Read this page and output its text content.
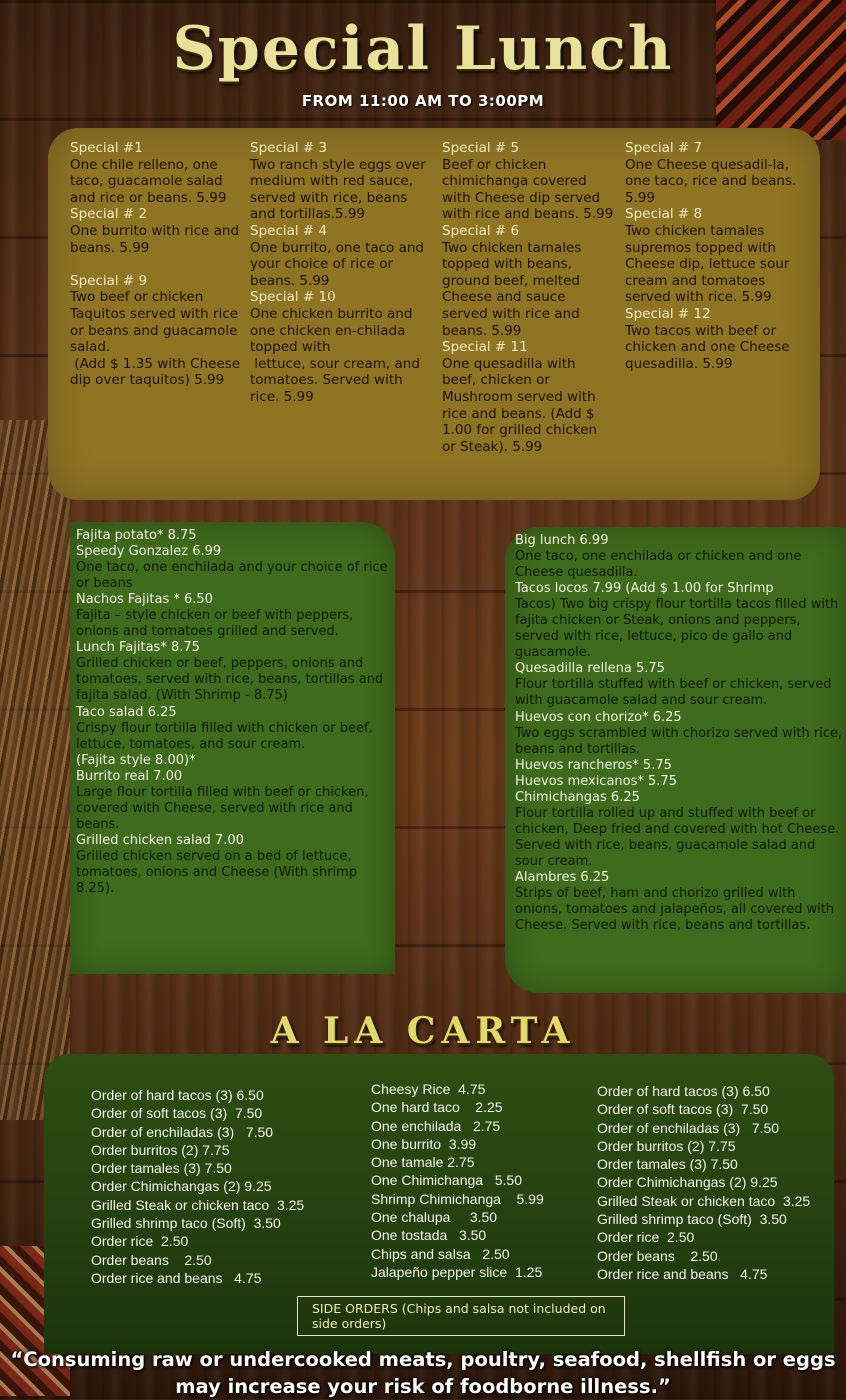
Special Lunch
FROM 11:00 AM TO 3:00PM
Special #1
One chile relleno, one taco, guacamole salad and rice or beans. 5.99
Special # 2
One burrito with rice and beans. 5.99
Special # 9
Two beef or chicken Taquitos served with rice or beans and guacamole salad.
(Add $ 1.35 with Cheese dip over taquitos) 5.99
Special # 3
Two ranch style eggs over medium with red sauce, served with rice, beans and tortillas.5.99
Special # 4
One burrito, one taco and your choice of rice or beans. 5.99
Special # 10
One chicken burrito and one chicken en-chilada topped with
lettuce, sour cream, and tomatoes. Served with rice. 5.99
Special # 5
Beef or chicken chimichanga covered with Cheese dip served with rice and beans. 5.99
Special # 6
Two chicken tamales topped with beans, ground beef, melted Cheese and sauce served with rice and beans. 5.99
Special # 11
One quesadilla with beef, chicken or Mushroom served with rice and beans. (Add $ 1.00 for grilled chicken or Steak). 5.99
Special # 7
One Cheese quesadil-la, one taco, rice and beans. 5.99
Special # 8
Two chicken tamales supremos topped with Cheese dip, lettuce sour cream and tomatoes served with rice. 5.99
Special # 12
Two tacos with beef or chicken and one Cheese quesadilla. 5.99
Fajita potato* 8.75
Speedy Gonzalez 6.99
One taco, one enchilada and your choice of rice or beans
Nachos Fajitas * 6.50
Fajita – style chicken or beef with peppers, onions and tomatoes grilled and served.
Lunch Fajitas* 8.75
Grilled chicken or beef, peppers, onions and tomatoes, served with rice, beans, tortillas and fajita salad. (With Shrimp - 8.75)
Taco salad 6.25
Crispy flour tortilla filled with chicken or beef, lettuce, tomatoes, and sour cream.
(Fajita style 8.00)*
Burrito real 7.00
Large flour tortilla filled with beef or chicken, covered with Cheese, served with rice and beans.
Grilled chicken salad 7.00
Grilled chicken served on a bed of lettuce, tomatoes, onions and Cheese (With shrimp 8.25).
Big lunch 6.99
One taco, one enchilada or chicken and one Cheese quesadilla.
Tacos locos 7.99 (Add $ 1.00 for Shrimp
Tacos) Two big crispy flour tortilla tacos filled with fajita chicken or Steak, onions and peppers, served with rice, lettuce, pico de gallo and guacamole.
Quesadilla rellena 5.75
Flour tortilla stuffed with beef or chicken, served with guacamole salad and sour cream.
Huevos con chorizo* 6.25
Two eggs scrambled with chorizo served with rice, beans and tortillas.
Huevos rancheros* 5.75
Huevos mexicanos* 5.75
Chimichangas 6.25
Flour tortilla rolled up and stuffed with beef or chicken, Deep fried and covered with hot Cheese. Served with rice, beans, guacamole salad and sour cream.
Alambres 6.25
Strips of beef, ham and chorizo grilled with onions, tomatoes and jalapeños, all covered with Cheese. Served with rice, beans and tortillas.
A LA CARTA
Order of hard tacos (3) 6.50
Order of soft tacos (3)  7.50
Order of enchiladas (3)   7.50
Order burritos (2) 7.75
Order tamales (3) 7.50
Order Chimichangas (2) 9.25
Grilled Steak or chicken taco  3.25
Grilled shrimp taco (Soft)  3.50
Order rice  2.50
Order beans    2.50
Order rice and beans   4.75
Cheesy Rice  4.75
One hard taco    2.25
One enchilada   2.75
One burrito  3.99
One tamale 2.75
One Chimichanga   5.50
Shrimp Chimichanga    5.99
One chalupa     3.50
One tostada   3.50
Chips and salsa   2.50
Jalapeño pepper slice  1.25
Order of hard tacos (3) 6.50
Order of soft tacos (3)  7.50
Order of enchiladas (3)   7.50
Order burritos (2) 7.75
Order tamales (3) 7.50
Order Chimichangas (2) 9.25
Grilled Steak or chicken taco  3.25
Grilled shrimp taco (Soft)  3.50
Order rice  2.50
Order beans    2.50
Order rice and beans   4.75
SIDE ORDERS (Chips and salsa not included on side orders)
“Consuming raw or undercooked meats, poultry, seafood, shellfish or eggs may increase your risk of foodborne illness.”
